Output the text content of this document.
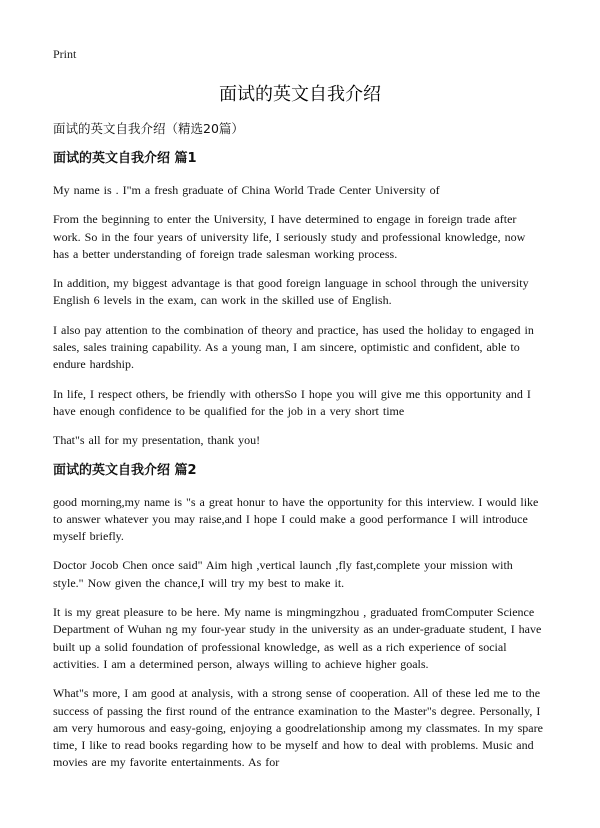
Print
面试的英文自我介绍
面试的英文自我介绍（精选20篇）
面试的英文自我介绍 篇1

My name is . I"m a fresh graduate of China World Trade Center University of

From the beginning to enter the University, I have determined to engage in foreign trade after work. So in the four years of university life, I seriously study and professional knowledge, now has a better understanding of foreign trade salesman working process.

In addition, my biggest advantage is that good foreign language in school through the university English 6 levels in the exam, can work in the skilled use of English.

I also pay attention to the combination of theory and practice, has used the holiday to engaged in sales, sales training capability. As a young man, I am sincere, optimistic and confident, able to endure hardship.

In life, I respect others, be friendly with othersSo I hope you will give me this opportunity and I have enough confidence to be qualified for the job in a very short time

That"s all for my presentation, thank you!

面试的英文自我介绍 篇2

good morning,my name is "s a great honur to have the opportunity for this interview. I would like to answer whatever you may raise,and I hope I could make a good performance I will introduce myself briefly.

Doctor Jocob Chen once said" Aim high ,vertical launch ,fly fast,complete your mission with style." Now given the chance,I will try my best to make it.

It is my great pleasure to be here. My name is mingmingzhou , graduated fromComputer Science Department of Wuhan ng my four-year study in the university as an under-graduate student, I have built up a solid foundation of professional knowledge, as well as a rich experience of social activities. I am a determined person, always willing to achieve higher goals.

What"s more, I am good at analysis, with a strong sense of cooperation. All of these led me to the success of passing the first round of the entrance examination to the Master"s degree. Personally, I am very humorous and easy-going, enjoying a goodrelationship among my classmates. In my spare time, I like to read books regarding how to be myself and how to deal with problems. Music and movies are my favorite entertainments. As for
